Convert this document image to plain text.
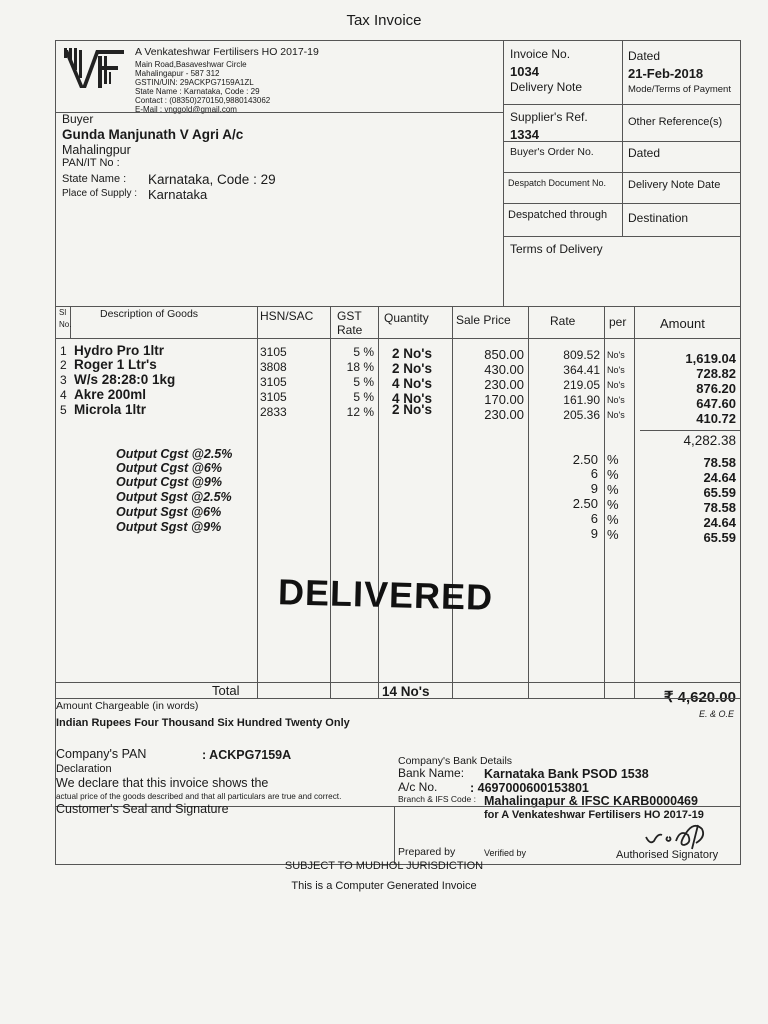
Tax Invoice
A Venkateshwar Fertilisers HO 2017-19
Main Road,Basaveshwar Circle
Mahalingapur - 587 312
GSTIN/UIN: 29ACKPG7159A1ZL
State Name : Karnataka, Code : 29
Contact : (08350)270150,9880143062
E-Mail : vnggold@gmail.com
Invoice No.
1034
Dated
21-Feb-2018
Delivery Note	Mode/Terms of Payment
Supplier's Ref.
1334
Other Reference(s)
Buyer's Order No.	Dated
Despatch Document No. Delivery Note Date
Despatched through Destination
Terms of Delivery
Buyer
Gunda Manjunath V Agri A/c
Mahalingpur
PAN/IT No :
State Name : Karnataka, Code : 29
Place of Supply : Karnataka
Sl
No.
Description of Goods	HSN/SAC GST
Rate
Quantity Sale Price	Rate	per	Amount
1 Hydro Pro 1ltr	3105	5 % 2 No's	850.00	809.52 No's	1,619.04
2 Roger 1 Ltr's	3808	18 % 2 No's	430.00	364.41 No's	728.82
3 W/s 28:28:0 1kg	3105	5 % 4 No's	230.00	219.05 No's	876.20
4 Akre 200ml	3105	5 % 4 No's	170.00	161.90 No's	647.60
5 Microla 1ltr	2833	12 % 2 No's	230.00	205.36 No's	410.72
4,282.38
Output Cgst @2.5%	2.50 %	78.58
Output Cgst @6%	6 %	24.64
Output Cgst @9%	9 %	65.59
Output Sgst @2.5%	2.50 %	78.58
Output Sgst @6%	6 %	24.64
Output Sgst @9%	9 %	65.59
DELIVERED
Total	14 No's	₹ 4,620.00
Amount Chargeable (in words)
E. & O.E
Indian Rupees Four Thousand Six Hundred Twenty Only
Company's PAN	: ACKPG7159A
Declaration
We declare that this invoice shows the
actual price of the goods described and that all particulars are true and correct.
Company's Bank Details
Bank Name: Karnataka Bank PSOD 1538
A/c No.	: 4697000600153801
Branch & IFS Code : Mahalingapur & IFSC KARB0000469
Customer's Seal and Signature	for A Venkateshwar Fertilisers HO 2017-19
Prepared by	Verified by	Authorised Signatory
SUBJECT TO MUDHOL JURISDICTION
This is a Computer Generated Invoice
